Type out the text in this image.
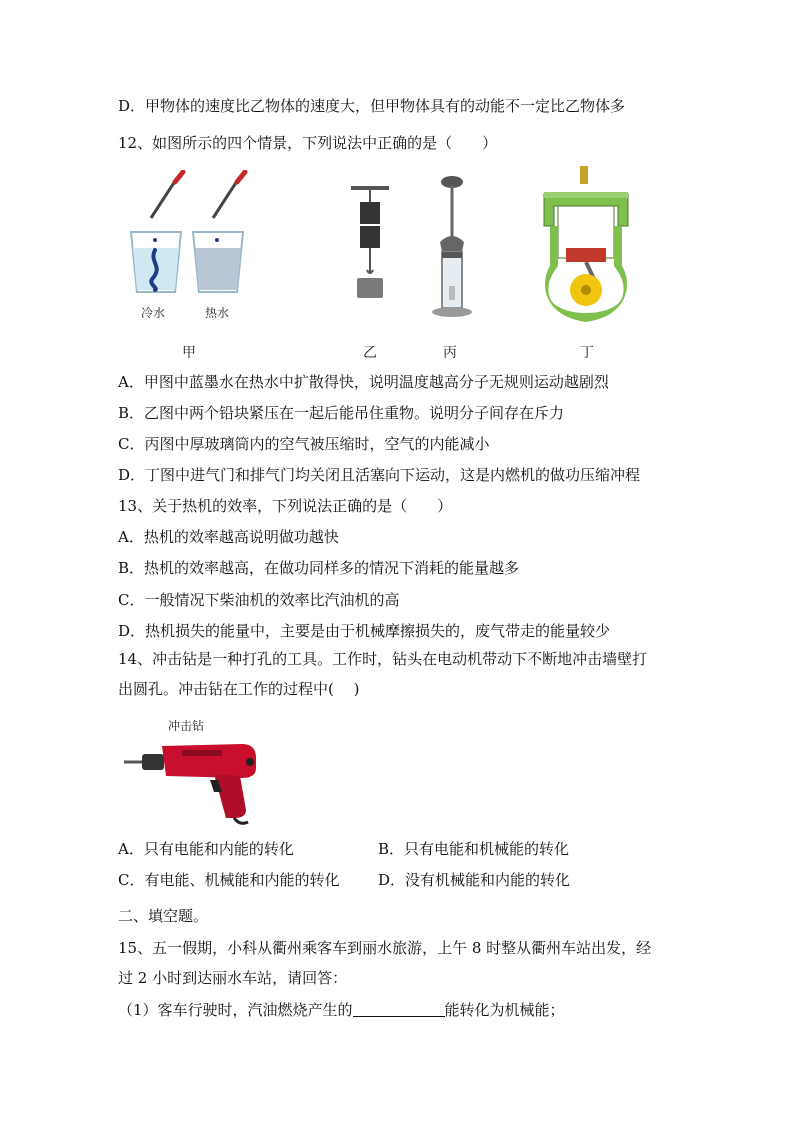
D．甲物体的速度比乙物体的速度大，但甲物体具有的动能不一定比乙物体多
12、如图所示的四个情景，下列说法中正确的是（　　）
冷水	热水
甲	乙	丙	丁
A．甲图中蓝墨水在热水中扩散得快，说明温度越高分子无规则运动越剧烈
B．乙图中两个铅块紧压在一起后能吊住重物。说明分子间存在斥力
C．丙图中厚玻璃筒内的空气被压缩时，空气的内能减小
D．丁图中进气门和排气门均关闭且活塞向下运动，这是内燃机的做功压缩冲程
13、关于热机的效率，下列说法正确的是（　　）
A．热机的效率越高说明做功越快
B．热机的效率越高，在做功同样多的情况下消耗的能量越多
C．一般情况下柴油机的效率比汽油机的高
D．热机损失的能量中，主要是由于机械摩擦损失的，废气带走的能量较少
14、冲击钻是一种打孔的工具。工作时，钻头在电动机带动下不断地冲击墙壁打
出圆孔。冲击钻在工作的过程中(　 )
冲击钻
A．只有电能和内能的转化	B．只有电能和机械能的转化
C．有电能、机械能和内能的转化	D．没有机械能和内能的转化
二、填空题。
15、五一假期，小科从衢州乘客车到丽水旅游，上午 8 时整从衢州车站出发，经
过 2 小时到达丽水车站，请回答：
（1）客车行驶时，汽油燃烧产生的	能转化为机械能；
